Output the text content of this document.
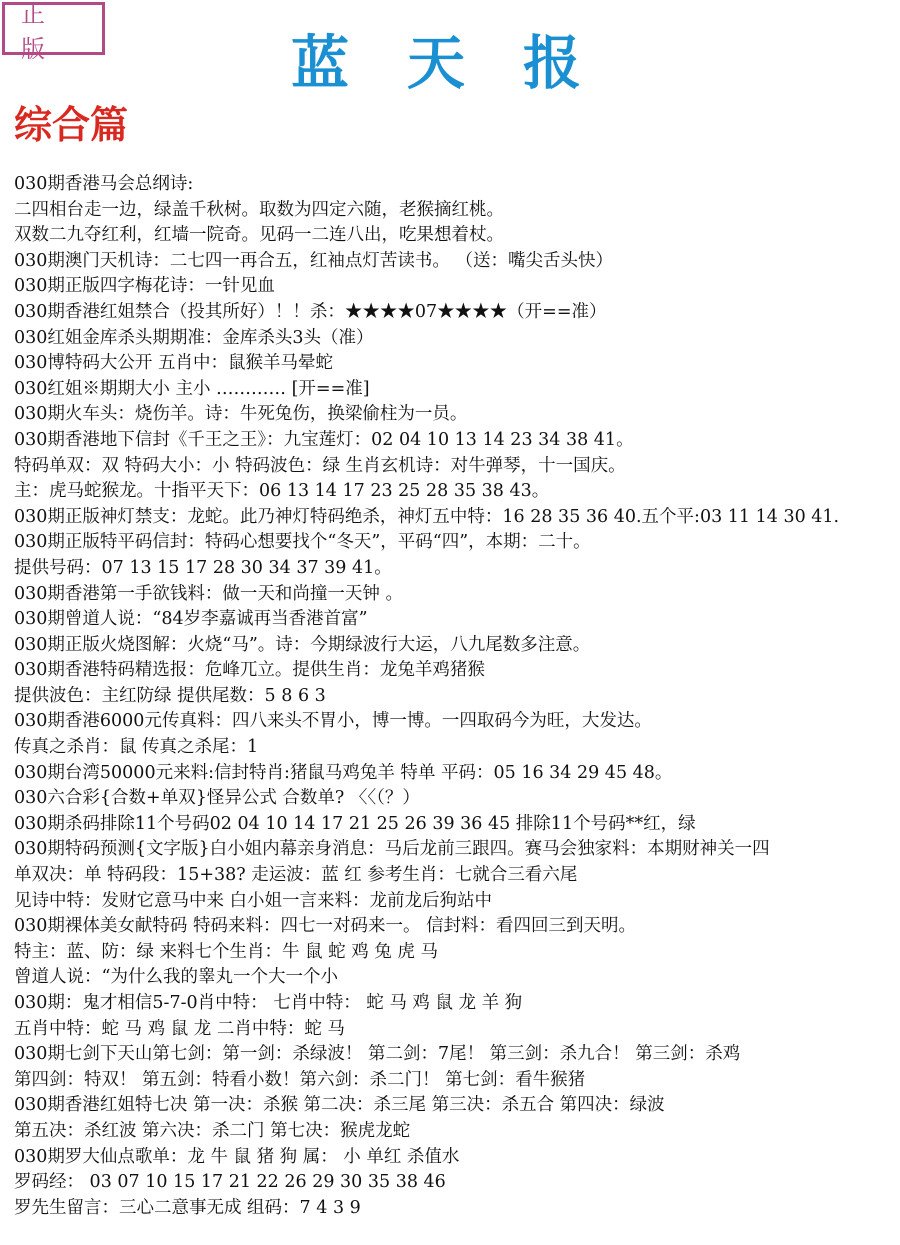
正 版	蓝天报
综合篇
030期香港马会总纲诗:
二四相台走一边，绿盖千秋树。取数为四定六随，老猴摘红桃。
双数二九夺红利，红墙一院奇。见码一二连八出，吃果想着杖。
030期澳门天机诗：二七四一再合五，红袖点灯苦读书。 （送：嘴尖舌头快）
030期正版四字梅花诗：一针见血
030期香港红姐禁合（投其所好）！！杀：★★★★07★★★★（开==准）
030红姐金库杀头期期准：金库杀头3头（准）
030博特码大公开 五肖中：鼠猴羊马晕蛇
030红姐※期期大小 主小 ………… [开==准]
030期火车头：烧伤羊。诗：牛死兔伤，换梁偷柱为一员。
030期香港地下信封《千王之王》：九宝莲灯：02 04 10 13 14 23 34 38 41。
特码单双：双 特码大小：小 特码波色：绿 生肖玄机诗：对牛弹琴，十一国庆。
主：虎马蛇猴龙。十指平天下：06 13 14 17 23 25 28 35 38 43。
030期正版神灯禁支：龙蛇。此乃神灯特码绝杀，神灯五中特：16 28 35 36 40.五个平:03 11 14 30 41.
030期正版特平码信封：特码心想要找个“冬天”，平码“四”，本期：二十。
提供号码：07 13 15 17 28 30 34 37 39 41。
030期香港第一手欲钱料：做一天和尚撞一天钟 。
030期曾道人说：“84岁李嘉诚再当香港首富”
030期正版火烧图解：火烧“马”。诗：今期绿波行大运，八九尾数多注意。
030期香港特码精选报：危峰兀立。提供生肖：龙兔羊鸡猪猴
提供波色：主红防绿 提供尾数：5 8 6 3
030期香港6000元传真料：四八来头不胃小，博一博。一四取码今为旺，大发达。
传真之杀肖：鼠 传真之杀尾：1
030期台湾50000元来料:信封特肖:猪鼠马鸡兔羊 特单 平码：05 16 34 29 45 48。
030六合彩{合数+单双}怪异公式 合数单? 〈〈（？）
030期杀码排除11个号码02 04 10 14 17 21 25 26 39 36 45 排除11个号码**红，绿
030期特码预测{文字版}白小姐内幕亲身消息：马后龙前三跟四。赛马会独家料：本期财神关一四
单双决：单 特码段：15+38? 走运波：蓝 红 参考生肖：七就合三看六尾
见诗中特：发财它意马中来 白小姐一言来料：龙前龙后狗站中
030期裸体美女献特码 特码来料：四七一对码来一。 信封料：看四回三到天明。
特主：蓝、防：绿 来料七个生肖：牛 鼠 蛇 鸡 兔 虎 马
曾道人说：“为什么我的睾丸一个大一个小
030期：鬼才相信5-7-0肖中特： 七肖中特： 蛇 马 鸡 鼠 龙 羊 狗
五肖中特：蛇 马 鸡 鼠 龙 二肖中特：蛇 马
030期七剑下天山第七剑：第一剑：杀绿波！ 第二剑：7尾！ 第三剑：杀九合！ 第三剑：杀鸡
第四剑：特双！ 第五剑：特看小数！第六剑：杀二门！ 第七剑：看牛猴猪
030期香港红姐特七决 第一决：杀猴 第二决：杀三尾 第三决：杀五合 第四决：绿波
第五决：杀红波 第六决：杀二门 第七决：猴虎龙蛇
030期罗大仙点歌单：龙 牛 鼠 猪 狗 属： 小 单红 杀值水
罗码经： 03 07 10 15 17 21 22 26 29 30 35 38 46
罗先生留言：三心二意事无成 组码：7 4 3 9
